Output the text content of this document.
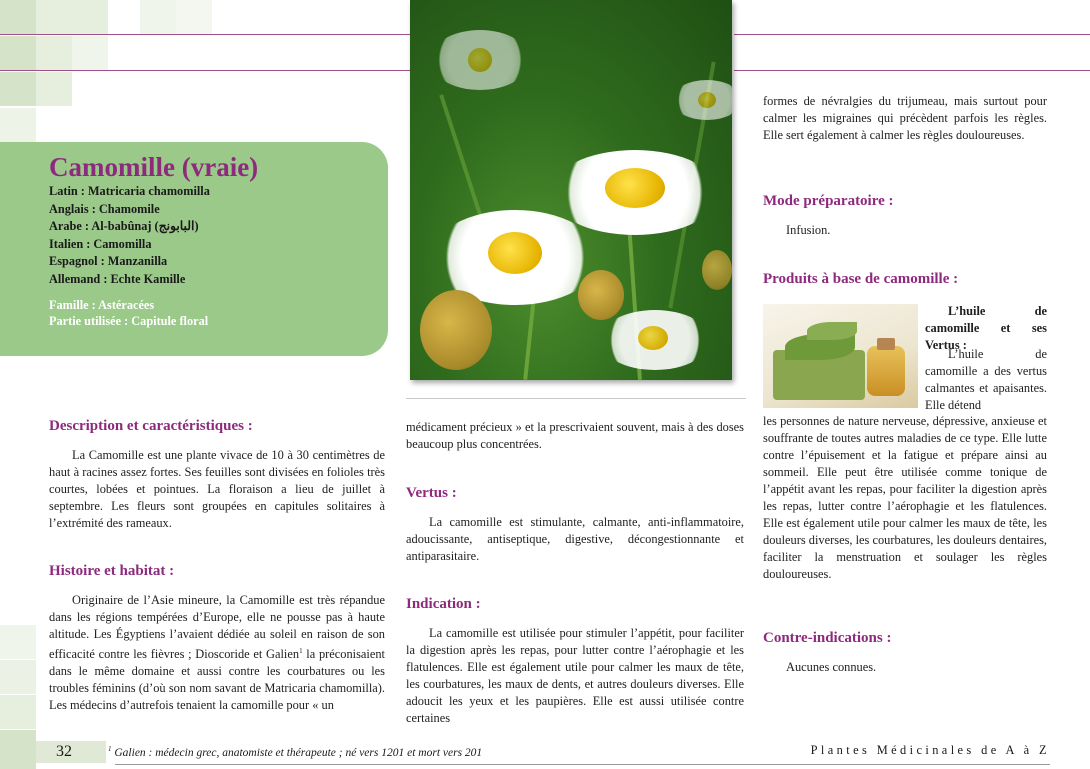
Camomille (vraie)
Latin : Matricaria chamomilla
Anglais : Chamomile
Arabe : Al-babûnaj (البابونج)
Italien : Camomilla
Espagnol : Manzanilla
Allemand : Echte Kamille
Famille : Astéracées
Partie utilisée : Capitule floral
Description et caractéristiques :
La Camomille est une plante vivace de 10 à 30 centimètres de haut à racines assez fortes. Ses feuilles sont divisées en folioles très courtes, lobées et pointues. La floraison a lieu de juillet à septembre. Les fleurs sont groupées en capitules solitaires à l’extrémité des rameaux.
Histoire et habitat :
Originaire de l’Asie mineure, la Camomille est très répandue dans les régions tempérées d’Europe, elle ne pousse pas à haute altitude. Les Égyptiens l’avaient dédiée au soleil en raison de son efficacité contre les fièvres ; Dioscoride et Galien$^1$ la préconisaient dans le même domaine et aussi contre les courbatures ou les troubles féminins (d’où son nom savant de Matricaria chamomilla). Les médecins d’autrefois tenaient la camomille pour « un
médicament précieux » et la prescrivaient souvent, mais à des doses beaucoup plus concentrées.
Vertus :
La camomille est stimulante, calmante, anti-inflammatoire, adoucissante, antiseptique, digestive, décongestionnante et antiparasitaire.
Indication :
La camomille est utilisée pour stimuler l’appétit, pour faciliter la digestion après les repas, pour lutter contre l’aérophagie et les flatulences. Elle est également utile pour calmer les maux de tête, les courbatures, les maux de dents, et autres douleurs diverses. Elle adoucit les yeux et les paupières. Elle est aussi utilisée contre certaines
formes de névralgies du trijumeau, mais surtout pour calmer les migraines qui précèdent parfois les règles. Elle sert également à calmer les règles douloureuses.
Mode préparatoire :
Infusion.
Produits à base de camomille :
L’huile de camomille et ses Vertus :
L’huile de camomille a des vertus calmantes et apaisantes. Elle détend
les personnes de nature nerveuse, dépressive, anxieuse et souffrante de toutes autres maladies de ce type. Elle lutte contre l’épuisement et la fatigue et prépare ainsi au sommeil. Elle peut être utilisée comme tonique de l’appétit avant les repas, pour faciliter la digestion après les repas, lutter contre l’aérophagie et les flatulences. Elle est également utile pour calmer les maux de tête, les douleurs diverses, les courbatures, les douleurs dentaires, faciliter la menstruation et soulager les règles douloureuses.
Contre-indications :
Aucunes connues.
32	$^1$ Galien : médecin grec, anatomiste et thérapeute ; né vers 1201 et mort vers 201	Plantes Médicinales de A à Z
